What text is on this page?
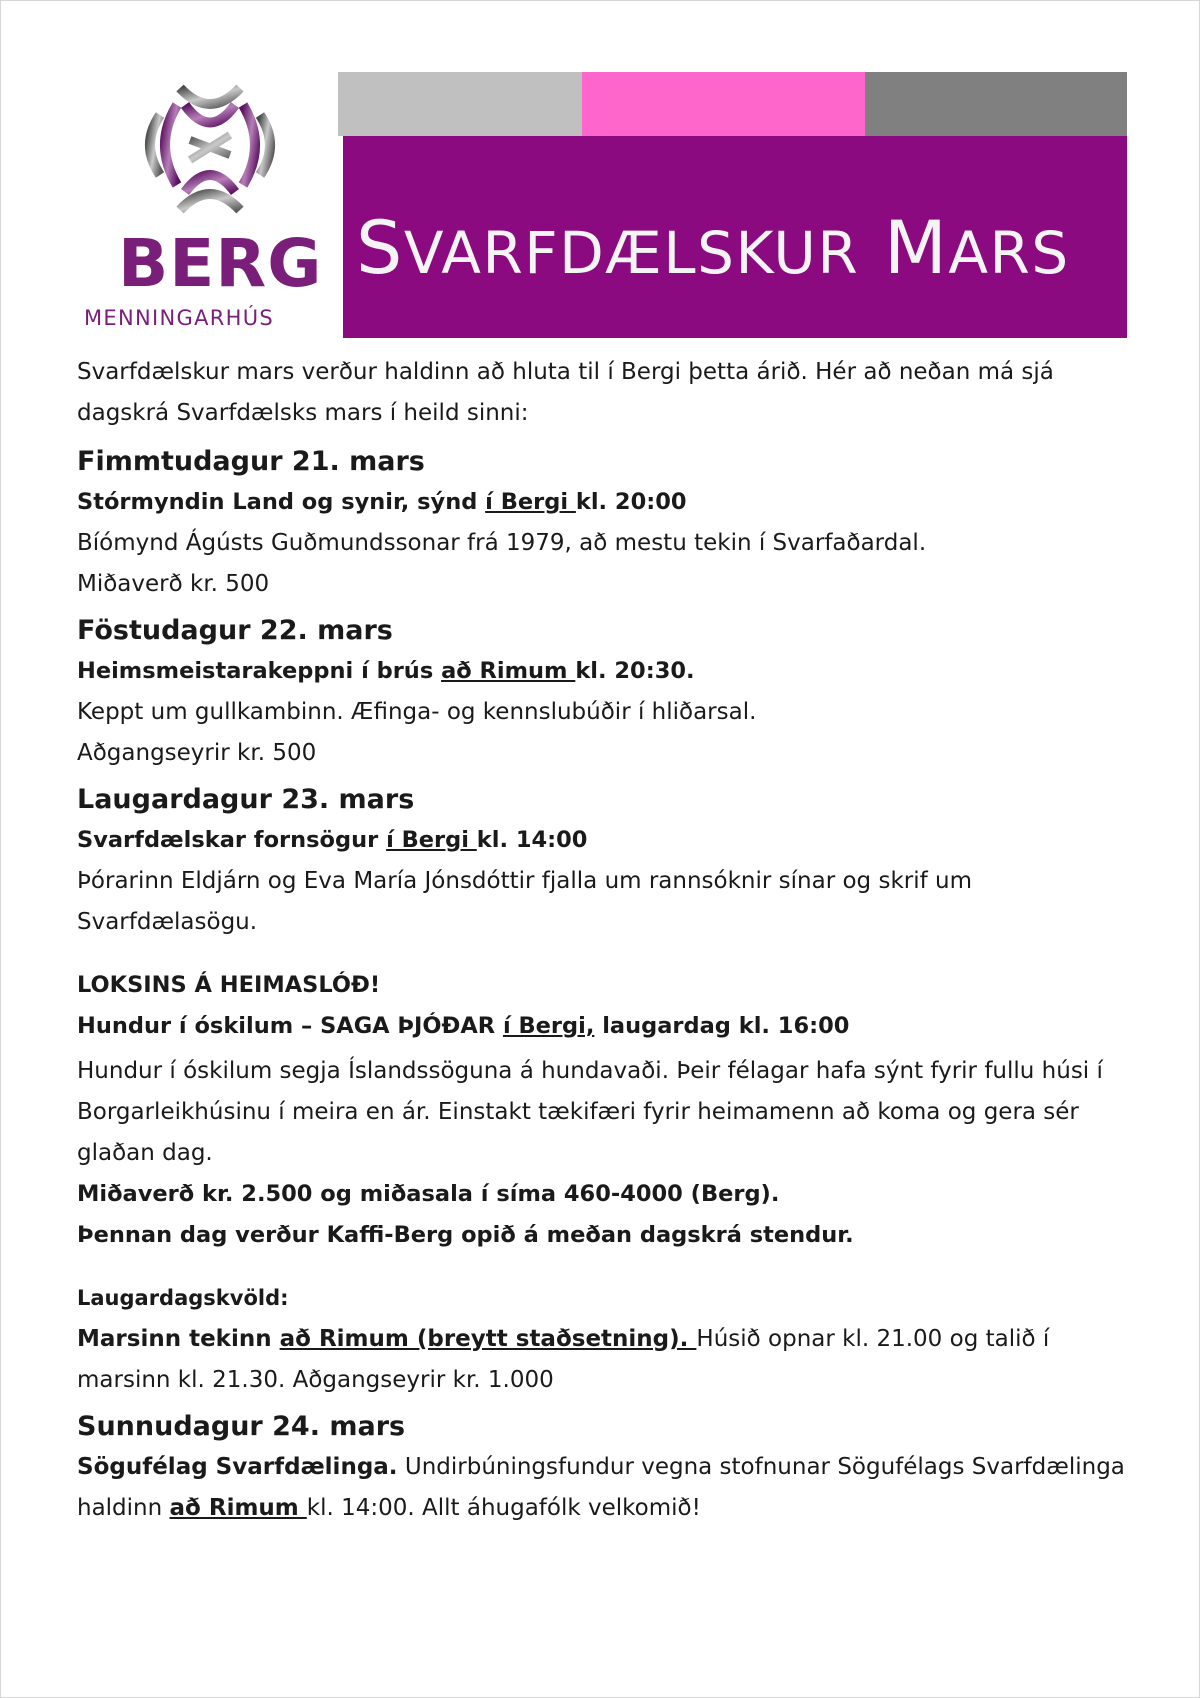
BERG
MENNINGARHÚS
SVARFDÆLSKUR MARS

Svarfdælskur mars verður haldinn að hluta til í Bergi þetta árið. Hér að neðan má sjá dagskrá Svarfdælsks mars í heild sinni:

Fimmtudagur 21. mars

Stórmyndin Land og synir, sýnd í Bergi kl. 20:00

Bíómynd Ágústs Guðmundssonar frá 1979, að mestu tekin í Svarfaðardal.

Miðaverð kr. 500

Föstudagur 22. mars

Heimsmeistarakeppni í brús að Rimum kl. 20:30.

Keppt um gullkambinn. Æfinga- og kennslubúðir í hliðarsal.

Aðgangseyrir kr. 500

Laugardagur 23. mars

Svarfdælskar fornsögur í Bergi kl. 14:00

Þórarinn Eldjárn og Eva María Jónsdóttir fjalla um rannsóknir sínar og skrif um Svarfdælasögu.

LOKSINS Á HEIMASLÓÐ!

Hundur í óskilum – SAGA ÞJÓÐAR í Bergi, laugardag kl. 16:00

Hundur í óskilum segja Íslandssöguna á hundavaði. Þeir félagar hafa sýnt fyrir fullu húsi í Borgarleikhúsinu í meira en ár. Einstakt tækifæri fyrir heimamenn að koma og gera sér glaðan dag.

Miðaverð kr. 2.500 og miðasala í síma 460-4000 (Berg).

Þennan dag verður Kaffi-Berg opið á meðan dagskrá stendur.

Laugardagskvöld:

Marsinn tekinn að Rimum (breytt staðsetning). Húsið opnar kl. 21.00 og talið í marsinn kl. 21.30. Aðgangseyrir kr. 1.000

Sunnudagur 24. mars

Sögufélag Svarfdælinga. Undirbúningsfundur vegna stofnunar Sögufélags Svarfdælinga haldinn að Rimum kl. 14:00. Allt áhugafólk velkomið!
